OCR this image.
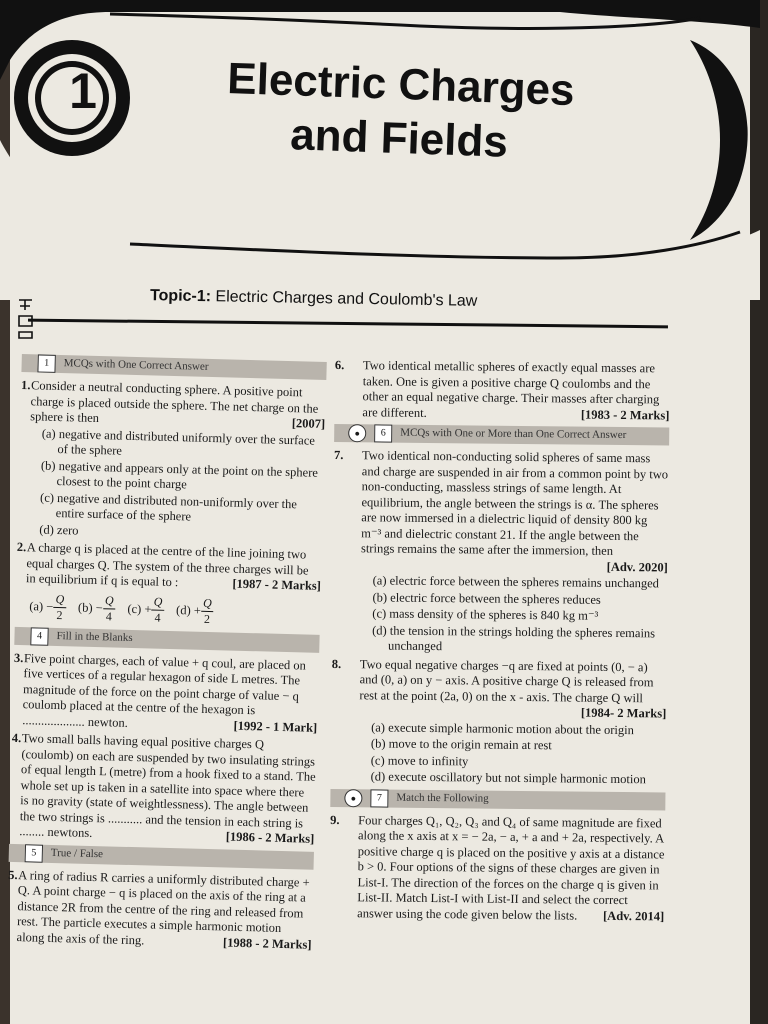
1	Electric Charges
and Fields
Topic-1: Electric Charges and Coulomb's Law
1	MCQs with One Correct Answer
1. Consider a neutral conducting sphere. A positive point charge is placed outside the sphere. The net charge on the sphere is then	[2007]
(a) negative and distributed uniformly over the surface of the sphere
(b) negative and appears only at the point on the sphere closest to the point charge
(c) negative and distributed non-uniformly over the entire surface of the sphere
(d) zero
2. A charge q is placed at the centre of the line joining two equal charges Q. The system of the three charges will be in equilibrium if q is equal to :	[1987 - 2 Marks]
$(a) - \frac{Q}{2} (b) - \frac{Q}{4} (c) + \frac{Q}{4} (d) + \frac{Q}{2}$
4	Fill in the Blanks
3. Five point charges, each of value + q coul, are placed on five vertices of a regular hexagon of side L metres. The magnitude of the force on the point charge of value − q coulomb placed at the centre of the hexagon is .................... newton.	[1992 - 1 Mark]
4. Two small balls having equal positive charges Q (coulomb) on each are suspended by two insulating strings of equal length L (metre) from a hook fixed to a stand. The whole set up is taken in a satellite into space where there is no gravity (state of weightlessness). The angle between the two strings is ........... and the tension in each string is ........ newtons.	[1986 - 2 Marks]
5	True / False
5. A ring of radius R carries a uniformly distributed charge + Q. A point charge − q is placed on the axis of the ring at a distance 2R from the centre of the ring and released from rest. The particle executes a simple harmonic motion along the axis of the ring.	[1988 - 2 Marks]
6. Two identical metallic spheres of exactly equal masses are taken. One is given a positive charge Q coulombs and the other an equal negative charge. Their masses after charging are different.	[1983 - 2 Marks]
●	6	MCQs with One or More than One Correct Answer
7. Two identical non-conducting solid spheres of same mass and charge are suspended in air from a common point by two non-conducting, massless strings of same length. At equilibrium, the angle between the strings is α. The spheres are now immersed in a dielectric liquid of density 800 kg m⁻³ and dielectric constant 21. If the angle between the strings remains the same after the immersion, then
[Adv. 2020]
(a) electric force between the spheres remains unchanged
(b) electric force between the spheres reduces
(c) mass density of the spheres is 840 kg m⁻³
(d) the tension in the strings holding the spheres remains unchanged
8. Two equal negative charges −q are fixed at points (0, − a) and (0, a) on y − axis. A positive charge Q is released from rest at the point (2a, 0) on the x - axis. The charge Q will
[1984- 2 Marks]
(a) execute simple harmonic motion about the origin
(b) move to the origin remain at rest
(c) move to infinity
(d) execute oscillatory but not simple harmonic motion
●	7	Match the Following
9. Four charges Q₁, Q₂, Q₃ and Q₄ of same magnitude are fixed along the x axis at x = − 2a, − a, + a and + 2a, respectively. A positive charge q is placed on the positive y axis at a distance b > 0. Four options of the signs of these charges are given in List-I. The direction of the forces on the charge q is given in List-II. Match List-I with List-II and select the correct answer using the code given below the lists. [Adv. 2014]
